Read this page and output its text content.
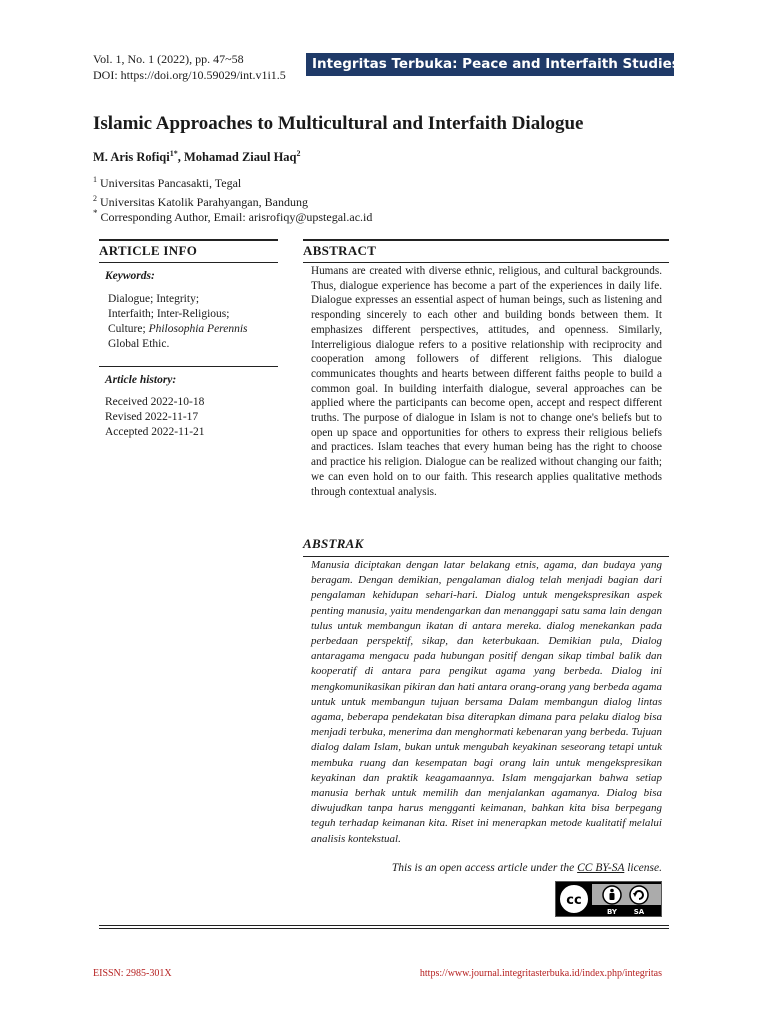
Vol. 1, No. 1 (2022), pp. 47~58
DOI: https://doi.org/10.59029/int.v1i1.5
Integritas Terbuka: Peace and Interfaith Studies
Islamic Approaches to Multicultural and Interfaith Dialogue
M. Aris Rofiqi$^{1*}$, Mohamad Ziaul Haq$^2$
$^1$ Universitas Pancasakti, Tegal
$^2$ Universitas Katolik Parahyangan, Bandung
* Corresponding Author, Email: arisrofiqy@upstegal.ac.id
ARTICLE INFO
Keywords:
Dialogue; Integrity;
Interfaith; Inter-Religious;
Culture; Philosophia Perennis
Global Ethic.
Article history:
Received 2022-10-18
Revised 2022-11-17
Accepted 2022-11-21
ABSTRACT
Humans are created with diverse ethnic, religious, and cultural backgrounds. Thus, dialogue experience has become a part of the experiences in daily life. Dialogue expresses an essential aspect of human beings, such as listening and responding sincerely to each other and building bonds between them. It emphasizes different perspectives, attitudes, and openness. Similarly, Interreligious dialogue refers to a positive relationship with reciprocity and cooperation among followers of different religions. This dialogue communicates thoughts and hearts between different faiths people to build a common goal. In building interfaith dialogue, several approaches can be applied where the participants can become open, accept and respect different truths. The purpose of dialogue in Islam is not to change one's beliefs but to open up space and opportunities for others to express their religious beliefs and practices. Islam teaches that every human being has the right to choose and practice his religion. Dialogue can be realized without changing our faith; we can even hold on to our faith. This research applies qualitative methods through contextual analysis.
ABSTRAK
Manusia diciptakan dengan latar belakang etnis, agama, dan budaya yang beragam. Dengan demikian, pengalaman dialog telah menjadi bagian dari pengalaman kehidupan sehari-hari. Dialog untuk mengekspresikan aspek penting manusia, yaitu mendengarkan dan menanggapi satu sama lain dengan tulus untuk membangun ikatan di antara mereka. dialog menekankan pada perbedaan perspektif, sikap, dan keterbukaan. Demikian pula, Dialog antaragama mengacu pada hubungan positif dengan sikap timbal balik dan kooperatif di antara para pengikut agama yang berbeda. Dialog ini mengkomunikasikan pikiran dan hati antara orang-orang yang berbeda agama untuk untuk membangun tujuan bersama Dalam membangun dialog lintas agama, beberapa pendekatan bisa diterapkan dimana para pelaku dialog bisa menjadi terbuka, menerima dan menghormati kebenaran yang berbeda. Tujuan dialog dalam Islam, bukan untuk mengubah keyakinan seseorang tetapi untuk membuka ruang dan kesempatan bagi orang lain untuk mengekspresikan keyakinan dan praktik keagamaannya. Islam mengajarkan bahwa setiap manusia berhak untuk memilih dan menjalankan agamanya. Dialog bisa diwujudkan tanpa harus mengganti keimanan, bahkan kita bisa berpegang teguh terhadap keimanan kita. Riset ini menerapkan metode kualitatif melalui analisis kontekstual.
This is an open access article under the CC BY-SA license.
cc
BY SA
EISSN: 2985-301X	https://www.journal.integritasterbuka.id/index.php/integritas
